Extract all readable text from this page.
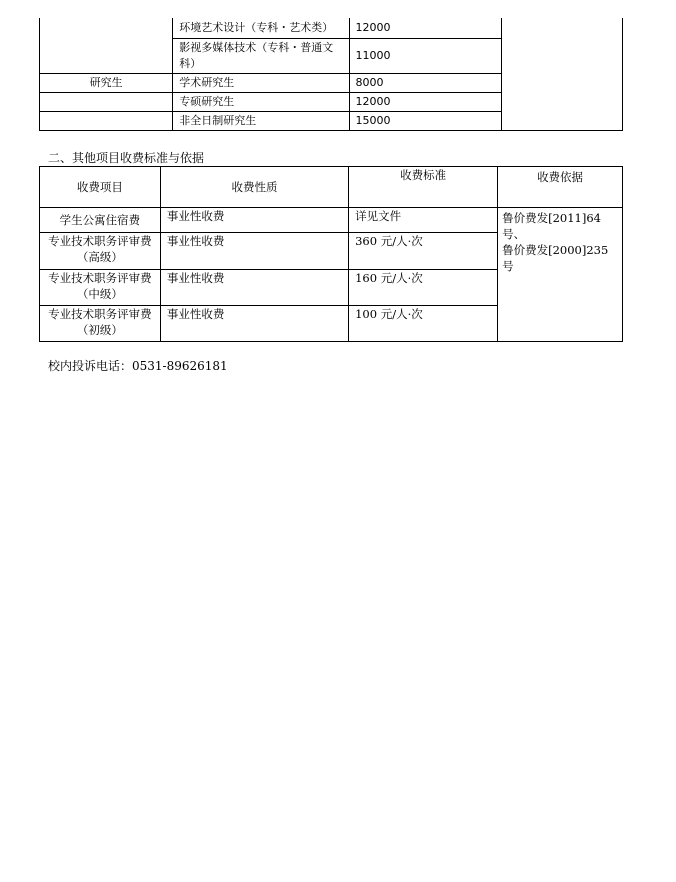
	环境艺术设计（专科・艺术类）	12000	
	影视多媒体技术（专科・普通文科）	11000	
研究生	学术研究生	8000	
	专硕研究生	12000	
	非全日制研究生	15000	
二、其他项目收费标准与依据
收费项目	收费性质	收费标准	收费依据
学生公寓住宿费	事业性收费	详见文件	鲁价费发[2011]64 号、
鲁价费发[2000]235 号

专业技术职务评审费 （高级）	事业性收费	360 元/人·次	
专业技术职务评审费 （中级）	事业性收费	160 元/人·次	
专业技术职务评审费 （初级）	事业性收费	100 元/人·次	
校内投诉电话：0531-89626181
